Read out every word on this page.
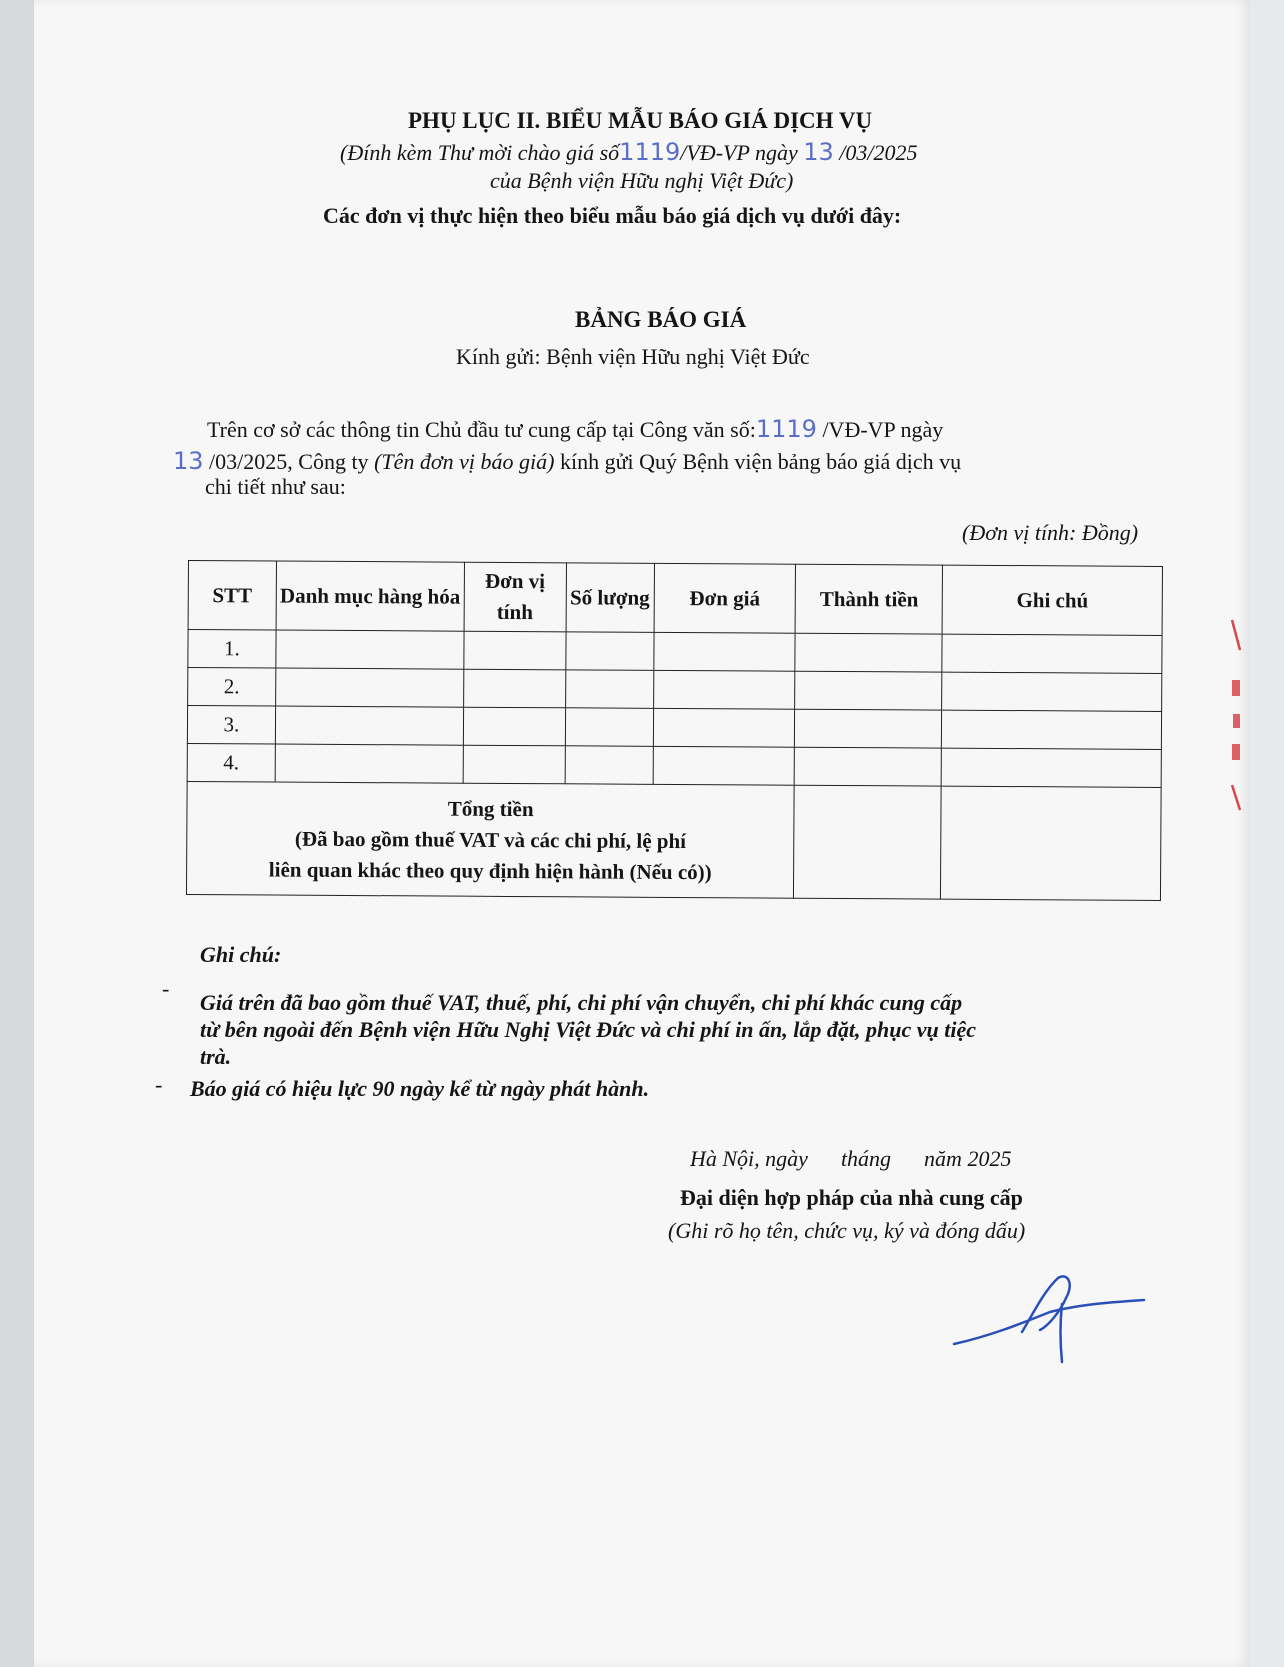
PHỤ LỤC II. BIỂU MẪU BÁO GIÁ DỊCH VỤ
(Đính kèm Thư mời chào giá số1119/VĐ-VP ngày 13 /03/2025
của Bệnh viện Hữu nghị Việt Đức)
Các đơn vị thực hiện theo biểu mẫu báo giá dịch vụ dưới đây:
BẢNG BÁO GIÁ
Kính gửi: Bệnh viện Hữu nghị Việt Đức
Trên cơ sở các thông tin Chủ đầu tư cung cấp tại Công văn số:1119 /VĐ-VP ngày
13 /03/2025, Công ty (Tên đơn vị báo giá) kính gửi Quý Bệnh viện bảng báo giá dịch vụ
chi tiết như sau:
(Đơn vị tính: Đồng)
STT	Danh mục hàng hóa	Đơn vị tính	Số lượng	Đơn giá	Thành tiền	Ghi chú
1.						
2.						
3.						
4.						

Tổng tiền
(Đã bao gồm thuế VAT và các chi phí, lệ phí
liên quan khác theo quy định hiện hành (Nếu có))						

Ghi chú:
-
Giá trên đã bao gồm thuế VAT, thuế, phí, chi phí vận chuyển, chi phí khác cung cấp
từ bên ngoài đến Bệnh viện Hữu Nghị Việt Đức và chi phí in ấn, lắp đặt, phục vụ tiệc
trà.
- Báo giá có hiệu lực 90 ngày kể từ ngày phát hành.
Hà Nội, ngày      tháng      năm 2025
Đại diện hợp pháp của nhà cung cấp
(Ghi rõ họ tên, chức vụ, ký và đóng dấu)
